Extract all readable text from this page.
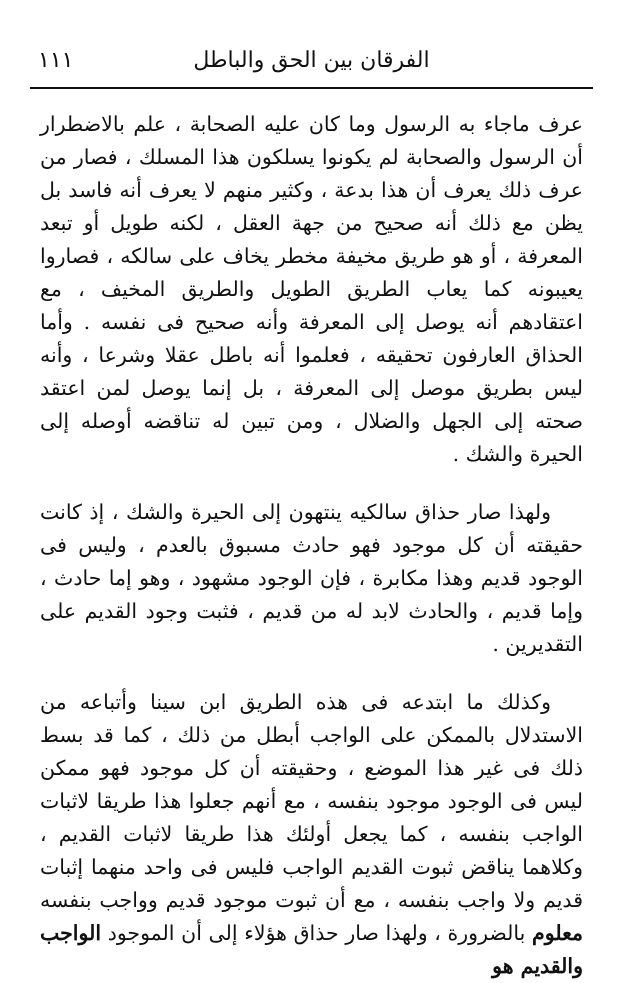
الفرقان بين الحق والباطل
١١١

عرف ماجاء به الرسول وما كان عليه الصحابة ، علم بالاضطرار أن الرسول والصحابة لم يكونوا يسلكون هذا المسلك ، فصار من عرف ذلك يعرف أن هذا بدعة ، وكثير منهم لا يعرف أنه فاسد بل يظن مع ذلك أنه صحيح من جهة العقل ، لكنه طويل أو تبعد المعرفة ، أو هو طريق مخيفة مخطر يخاف على سالكه ، فصاروا يعيبونه كما يعاب الطريق الطويل والطريق المخيف ، مع اعتقادهم أنه يوصل إلى المعرفة وأنه صحيح فى نفسه . وأما الحذاق العارفون تحقيقه ، فعلموا أنه باطل عقلا وشرعا ، وأنه ليس بطريق موصل إلى المعرفة ، بل إنما يوصل لمن اعتقد صحته إلى الجهل والضلال ، ومن تبين له تناقضه أوصله إلى الحيرة والشك .

ولهذا صار حذاق سالكيه ينتهون إلى الحيرة والشك ، إذ كانت حقيقته أن كل موجود فهو حادث مسبوق بالعدم ، وليس فى الوجود قديم وهذا مكابرة ، فإن الوجود مشهود ، وهو إما حادث ، وإما قديم ، والحادث لابد له من قديم ، فثبت وجود القديم على التقديرين .

وكذلك ما ابتدعه فى هذه الطريق ابن سينا وأتباعه من الاستدلال بالممكن على الواجب أبطل من ذلك ، كما قد بسط ذلك فى غير هذا الموضع ، وحقيقته أن كل موجود فهو ممكن ليس فى الوجود موجود بنفسه ، مع أنهم جعلوا هذا طريقا لاثبات الواجب بنفسه ، كما يجعل أولئك هذا طريقا لاثبات القديم ، وكلاهما يناقض ثبوت القديم الواجب فليس فى واحد منهما إثبات قديم ولا واجب بنفسه ، مع أن ثبوت موجود قديم وواجب بنفسه معلوم بالضرورة ، ولهذا صار حذاق هؤلاء إلى أن الموجود الواجب والقديم هو
